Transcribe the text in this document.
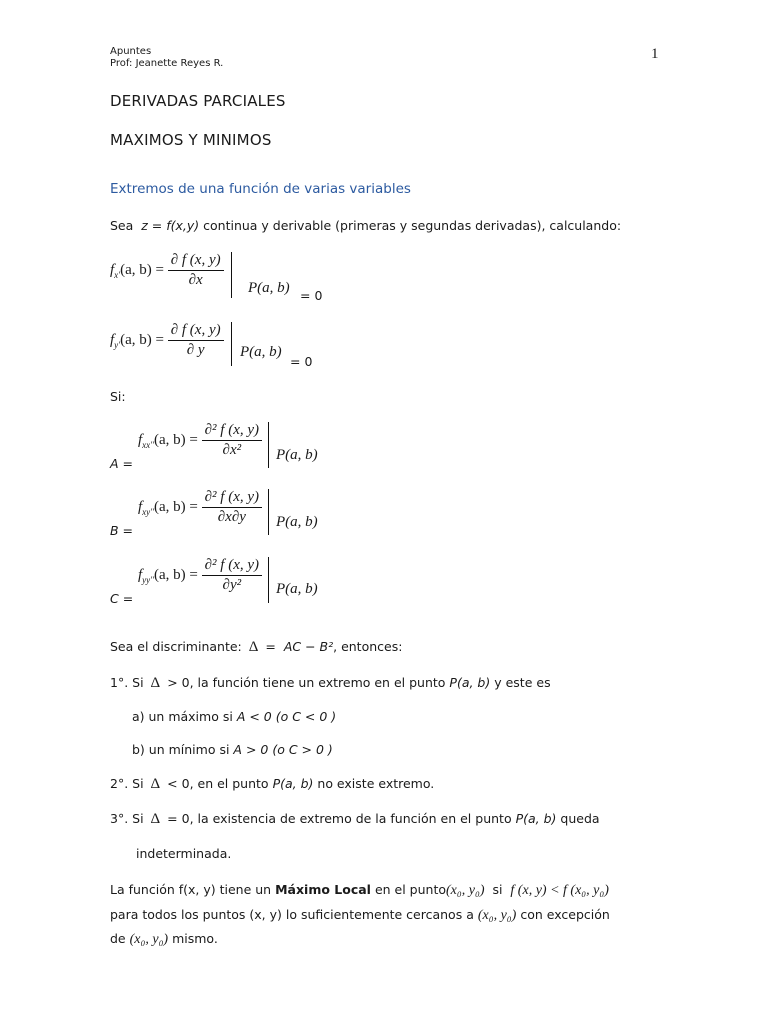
Apuntes
Prof: Jeanette Reyes R.
1
DERIVADAS PARCIALES
MAXIMOS Y MINIMOS
Extremos de una función de varias variables
Sea z = f(x,y) continua y derivable (primeras y segundas derivadas), calculando:
$f_{x'}(a$, $b) = \frac{\partial f (x, y)}{\partial x}$
P(a, b) = 0
$f_{y'}(a$, $b) = \frac{\partial f (x, y)}{\partial y}$
P(a, b)
= 0
Si:
A =
$f_{xx''}(a$, $b) = \frac{\text{∂² f (x, y)}}{\text{∂x²}}$
P(a, b)
B =
$f_{xy''}(a$, $b) = \frac{\text{∂² f (x, y)}}{\partial x\partial y}$
P(a, b)
C =
$f_{yy''}(a$, $b) = \frac{\text{∂² f (x, y)}}{\text{∂y²}}$
P(a, b)
Sea el discriminante: Δ = AC − B², entonces:
1°. Si Δ > 0, la función tiene un extremo en el punto P(a, b) y este es
a) un máximo si A < 0 (o C < 0 )
b) un mínimo si A > 0 (o C > 0 )
2°. Si Δ < 0, en el punto P(a, b) no existe extremo.
3°. Si Δ = 0, la existencia de extremo de la función en el punto P(a, b) queda
indeterminada.
La función f(x, y) tiene un Máximo Local en el punto(x₀, y₀) si f (x, y) < f (x₀, y₀)
para todos los puntos (x, y) lo suficientemente cercanos a (x₀, y₀) con excepción
de (x₀, y₀) mismo.
